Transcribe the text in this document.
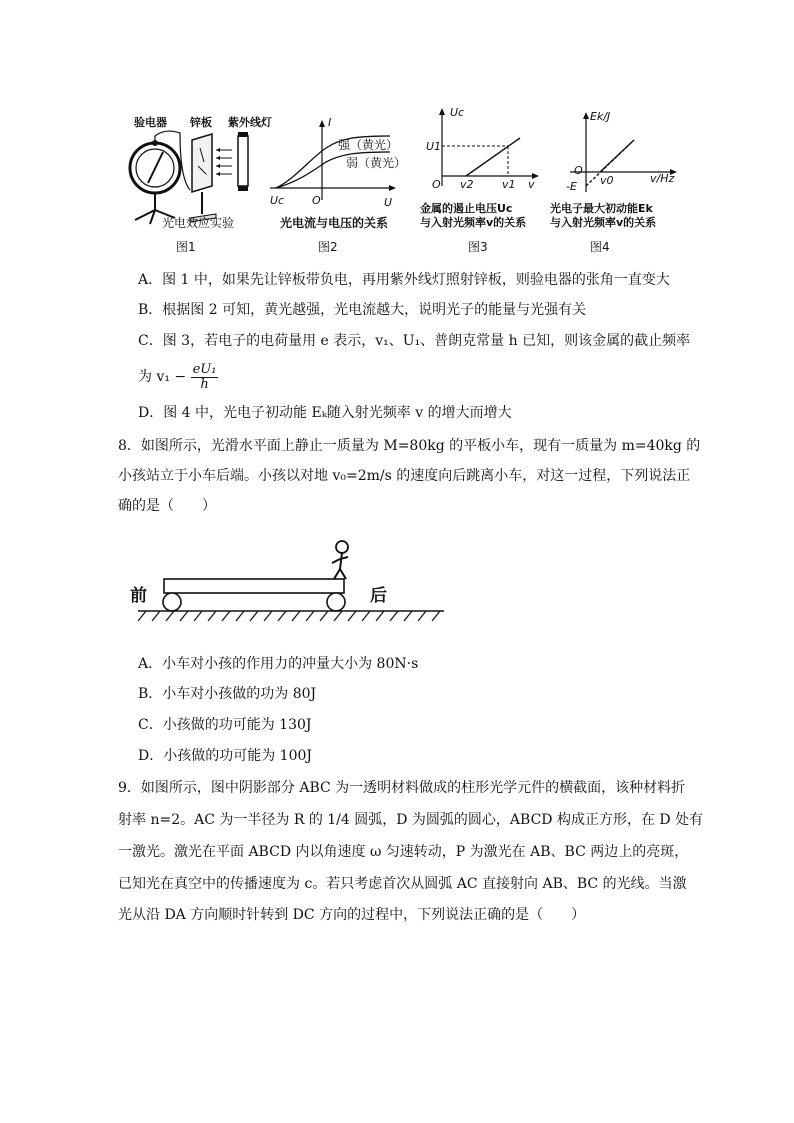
验电器 锌板 紫外线灯
光电效应实验
图1
I
U
强（黄光）
弱（黄光）
Uc	O
光电流与电压的关系
图2
Uc
U1
O v2	v1 v
金属的遏止电压Uc
与入射光频率v的关系
图3
Ek/J
O
v0	v/Hz
-E
光电子最大初动能Ek
与入射光频率v的关系
图4
A．图 1 中，如果先让锌板带负电，再用紫外线灯照射锌板，则验电器的张角一直变大
B．根据图 2 可知，黄光越强，光电流越大，说明光子的能量与光强有关
C．图 3，若电子的电荷量用 e 表示，v₁、U₁、普朗克常量 h 已知，则该金属的截止频率
为 $v_1 - \frac{\text{eU₁}}{h}$
D．图 4 中，光电子初动能 Eₖ随入射光频率 v 的增大而增大
8．如图所示，光滑水平面上静止一质量为 M=80kg 的平板小车，现有一质量为 m=40kg 的
小孩站立于小车后端。小孩以对地 v₀=2m/s 的速度向后跳离小车，对这一过程，下列说法正
确的是（　　）
前	后
A．小车对小孩的作用力的冲量大小为 80N·s
B．小车对小孩做的功为 80J
C．小孩做的功可能为 130J
D．小孩做的功可能为 100J
9．如图所示，图中阴影部分 ABC 为一透明材料做成的柱形光学元件的横截面，该种材料折
射率 n=2。AC 为一半径为 R 的 1/4 圆弧，D 为圆弧的圆心，ABCD 构成正方形，在 D 处有
一激光。激光在平面 ABCD 内以角速度 ω 匀速转动，P 为激光在 AB、BC 两边上的亮斑，
已知光在真空中的传播速度为 c。若只考虑首次从圆弧 AC 直接射向 AB、BC 的光线。当激
光从沿 DA 方向顺时针转到 DC 方向的过程中，下列说法正确的是（　　）
